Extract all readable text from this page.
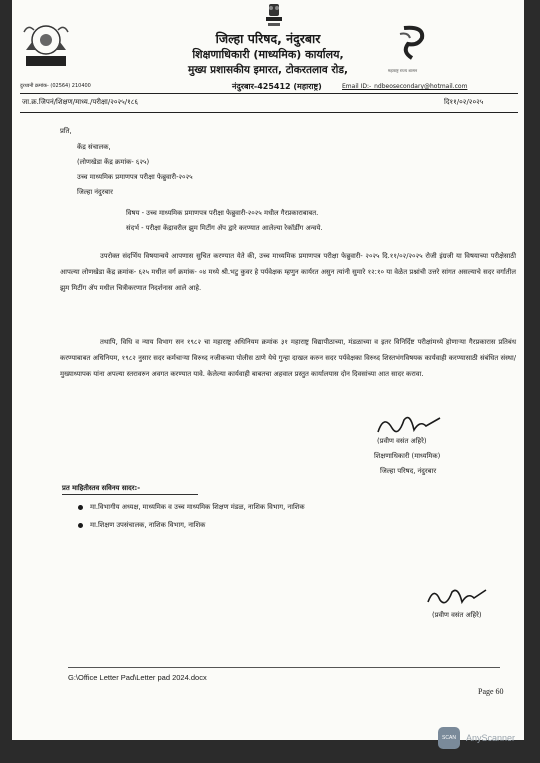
महाराष्ट्र राज्य शासन
जिल्हा परिषद, नंदुरबार
शिक्षणाधिकारी (माध्यमिक) कार्यालय,
मुख्य प्रशासकीय इमारत, टोकरतलाव रोड,
नंदुरबार-425412 (महाराष्ट्र)
दुरध्वनी क्रमांक- (02564) 210400	Email ID:-_ndbeosecondary@hotmail.com
जा.क्र.जिपनं/शिक्षण/माध्य./परीक्षा/२०२५/१८६	दि११/०२/२०२५
प्रति,
केंद्र संचालक,
(लोणखेडा केंद्र क्रमांक- ६२५)
उच्च माध्यमिक प्रमाणपत्र परीक्षा फेब्रुवारी-२०२५
जिल्हा नंदुरबार
विषय - उच्च माध्यमिक प्रमाणपत्र परीक्षा फेब्रुवारी-२०२५ मधील गैरप्रकाराबाबत.
संदर्भ - परीक्षा केंद्रावरील झुम मिटींग ॲप द्वारे करण्यात आलेल्या रेकॉर्डींग अन्वये.
उपरोक्त संदर्भिय विषयान्वये आपणास सुचित करण्यात येते की, उच्च माध्यमिक प्रमाणपत्र परीक्षा फेब्रुवारी- २०२५ दि.११/०२/२०२५ रोजी इंग्रजी या विषयाच्या परीक्षेसाठी आपल्या लोणखेडा केंद्र क्रमांक- ६२५ मधील वर्ग क्रमांक- ०४ मध्ये श्री.भटु कुवर हे पर्यवेक्षक म्हणुन कार्यरत असुन त्यांनी सुमारे १२:१० या वेळेत प्रश्नांची उत्तरे सांगत असल्याचे सदर वर्गातील झुम मिटींग ॲप मधील चित्रीकरणात निदर्शनास आले आहे.
तथापि, विधि व न्याय विभाग सन १९८२ चा महाराष्ट्र अधिनियम क्रमांक ३१ महाराष्ट्र विद्यापीठाच्या, मंडळाच्या व इतर विनिर्दिष्ट परीक्षांमध्ये होणाऱ्या गैरप्रकारास प्रतिबंध करण्याबाबत अधिनियम, १९८२ नुसार सदर कर्मचाऱ्या विरुध्द नजीकच्या पोलीस ठाणे येथे गुन्हा दाखल करुन सदर पर्यवेक्षका विरुध्द शिस्तभंगविषयक कार्यवाही करण्यासाठी संबंधित संस्था/ मुख्याध्यापक यांना अपल्या स्तरावरुन अवगत करण्यात यावे. केलेल्या कार्यवाही बाबतचा अहवाल प्रस्तुत कार्यालयास दोन दिवसांच्या आत सादर करावा.
(प्रवीण वसंत अहिरे)
शिक्षणाधिकारी (माध्यमिक)
जिल्हा परिषद, नंदुरबार
प्रत माहितीस्तव सविनय सादर:-
मा.विभागीय अध्यक्ष, माध्यमिक व उच्च माध्यमिक शिक्षण मंडळ, नाशिक विभाग, नाशिक
मा.शिक्षण उपसंचालक, नाशिक विभाग, नाशिक
(प्रवीण वसंत अहिरे)
G:\Office Letter Pad\Letter pad 2024.docx
Page 60
SCAN	AnyScanner
